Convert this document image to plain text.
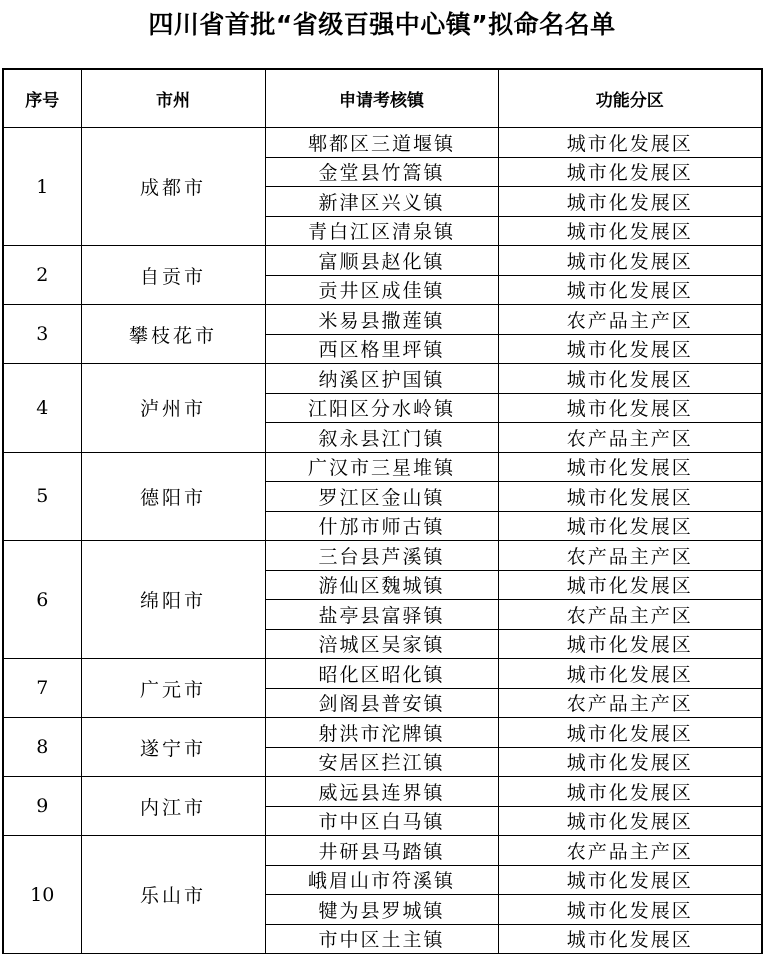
四川省首批“省级百强中心镇”拟命名名单
序号	市州	申请考核镇	功能分区
1	成都市	郫都区三道堰镇	城市化发展区
		金堂县竹篙镇	城市化发展区
		新津区兴义镇	城市化发展区
		青白江区清泉镇	城市化发展区
2	自贡市	富顺县赵化镇	城市化发展区
		贡井区成佳镇	城市化发展区
3	攀枝花市	米易县撒莲镇	农产品主产区
		西区格里坪镇	城市化发展区
4	泸州市	纳溪区护国镇	城市化发展区
		江阳区分水岭镇	城市化发展区
		叙永县江门镇	农产品主产区
5	德阳市	广汉市三星堆镇	城市化发展区
		罗江区金山镇	城市化发展区
		什邡市师古镇	城市化发展区
6	绵阳市	三台县芦溪镇	农产品主产区
		游仙区魏城镇	城市化发展区
		盐亭县富驿镇	农产品主产区
		涪城区吴家镇	城市化发展区
7	广元市	昭化区昭化镇	城市化发展区
		剑阁县普安镇	农产品主产区
8	遂宁市	射洪市沱牌镇	城市化发展区
		安居区拦江镇	城市化发展区
9	内江市	威远县连界镇	城市化发展区
		市中区白马镇	城市化发展区
10	乐山市	井研县马踏镇	农产品主产区
		峨眉山市符溪镇	城市化发展区
		犍为县罗城镇	城市化发展区
		市中区土主镇	城市化发展区
